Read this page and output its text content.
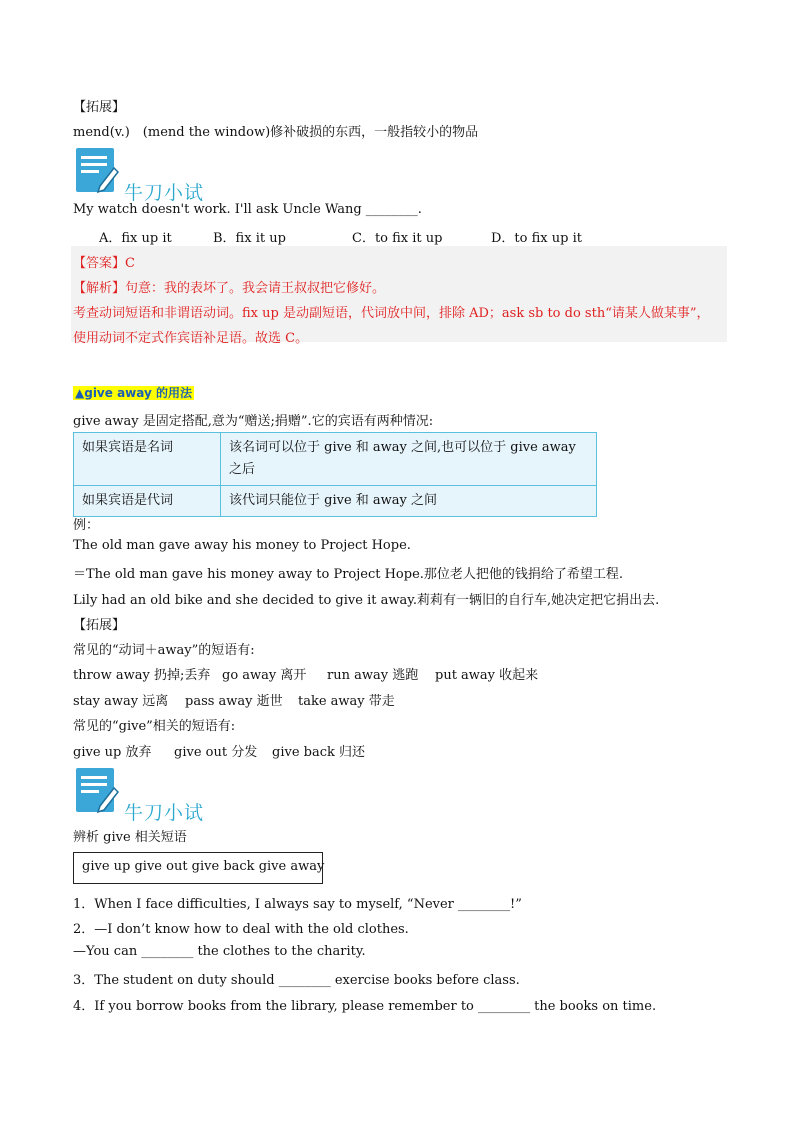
【拓展】
mend(v.)　(mend the window)修补破损的东西，一般指较小的物品
牛刀小试
My watch doesn't work. I'll ask Uncle Wang ________.
A．fix up it	B．fix it up	C．to fix it up	D．to fix up it
【答案】C
【解析】句意：我的表坏了。我会请王叔叔把它修好。
考查动词短语和非谓语动词。fix up 是动副短语，代词放中间，排除 AD；ask sb to do sth“请某人做某事”，
使用动词不定式作宾语补足语。故选 C。
▲give away 的用法
give away 是固定搭配,意为“赠送;捐赠”.它的宾语有两种情况:
如果宾语是名词	该名词可以位于 give 和 away 之间,也可以位于 give away 之后
如果宾语是代词	该代词只能位于 give 和 away 之间
例：
The old man gave away his money to Project Hope.
＝The old man gave his money away to Project Hope.那位老人把他的钱捐给了希望工程.
Lily had an old bike and she decided to give it away.莉莉有一辆旧的自行车,她决定把它捐出去.
【拓展】
常见的“动词＋away”的短语有:
throw away 扔掉;丢弃 go away 离开 run away 逃跑 put away 收起来
stay away 远离 pass away 逝世 take away 带走
常见的“give”相关的短语有:
give up 放弃 give out 分发 give back 归还
牛刀小试
辨析 give 相关短语
give up give out give back give away
1．When I face difficulties, I always say to myself, “Never ________!”
2．—I don’t know how to deal with the old clothes.
—You can ________ the clothes to the charity.
3．The student on duty should ________ exercise books before class.
4．If you borrow books from the library, please remember to ________ the books on time.
